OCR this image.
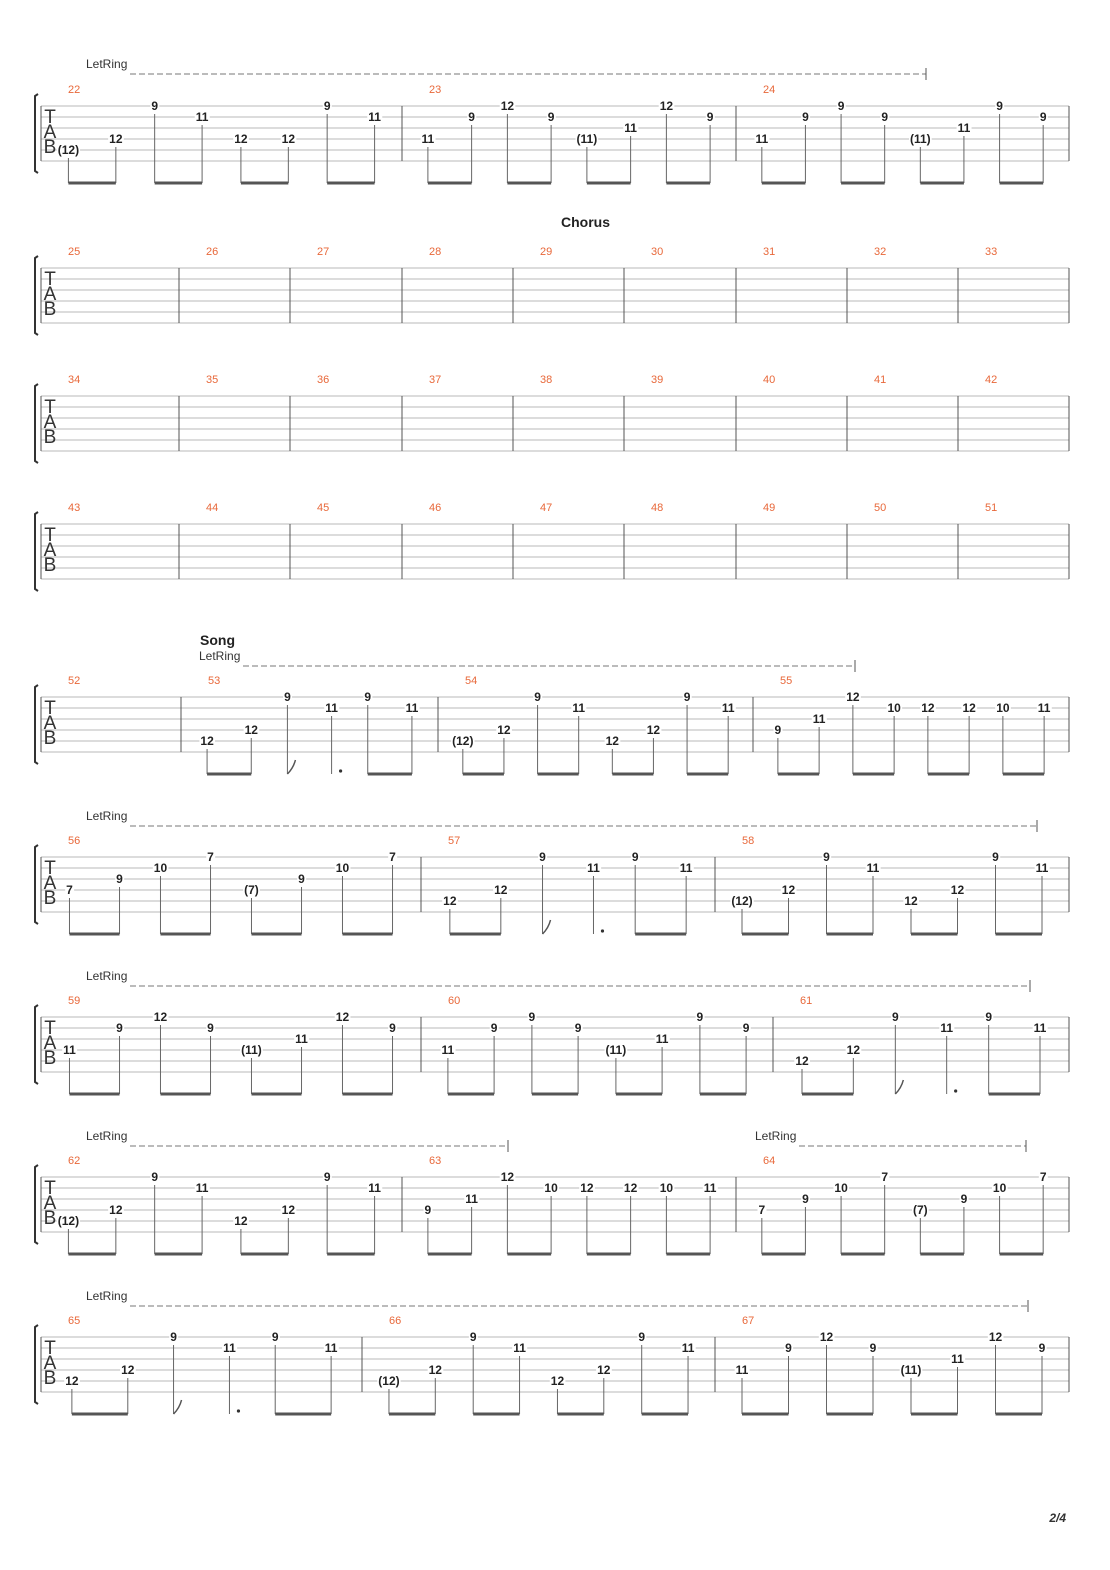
2/4
T
A
B
LetRing
22
(12)
12
9
11
12	12
9
11
23
11
9
12
9
(11)
11
12
9
24
11
9
9
9
(11)
11
9
9
T
A
B
Chorus
25	26	27	28	29	30	31	32	33
T
A
B
34	35	36	37	38	39	40	41	42
T
A
B
43	44	45	46	47	48	49	50	51
T
A
B
Song
LetRing
52	53
12
12
9
11
9
11
54
(12)
12
9
11
12
12
9
11
55
9
11
12
10 12 12 10 11
T
A
B
LetRing
56
7
9
10
7
(7)
9
10
7
57
12
12
9
11
9
11
58
(12)
12
9
11
12
12
9
11
T
A
B
LetRing
59
11
9
12
9
(11)
11
12
9
60
11
9
9
9
(11)
11
9
9
61
12
12
9
11
9
11
T
A
B
LetRing	LetRing
62
(12)
12
9
11
12
12
9
11
63
9
11
12
10 12	12 10	11
64
7
9
10
7
(7)
9
10
7
T
A
B
LetRing
65
12
12
9
11
9
11
66
(12)
12
9
11
12
12
9
11
67
11
9
12
9
(11)
11
12
9
